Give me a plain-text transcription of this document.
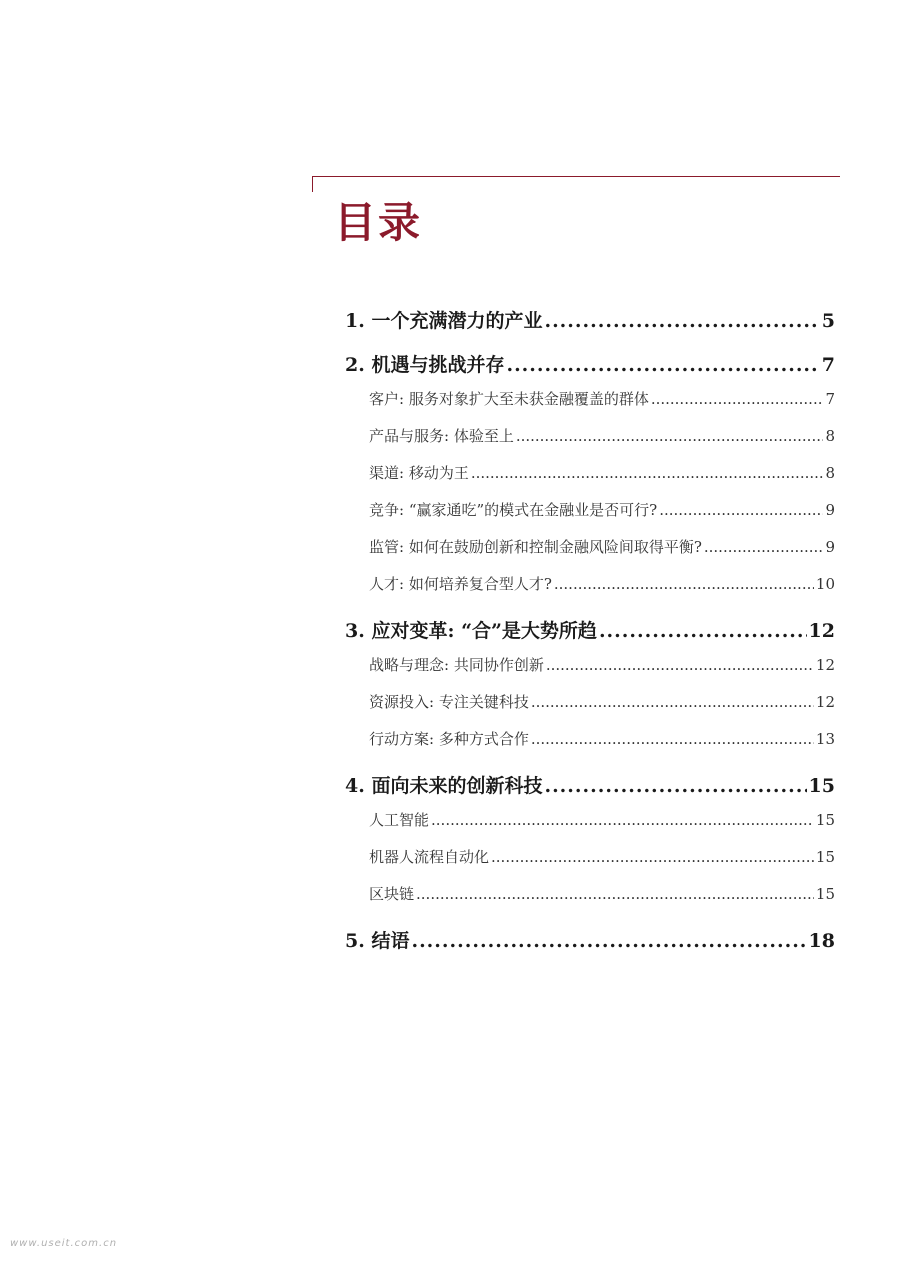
目录
1. 一个充满潜力的产业 .....	5
2. 机遇与挑战并存 .....	7
客户: 服务对象扩大至未获金融覆盖的群体 .....	7
产品与服务: 体验至上 .....	8
渠道: 移动为王 .....	8
竞争: “赢家通吃”的模式在金融业是否可行? .....	9
监管: 如何在鼓励创新和控制金融风险间取得平衡? .....	9
人才: 如何培养复合型人才? .....	10
3. 应对变革: “合”是大势所趋 .....	12
战略与理念: 共同协作创新 .....	12
资源投入: 专注关键科技 .....	12
行动方案: 多种方式合作 .....	13
4. 面向未来的创新科技 .....	15
人工智能 .....	15
机器人流程自动化 .....	15
区块链 .....	15
5. 结语 .....	18
www.useit.com.cn
